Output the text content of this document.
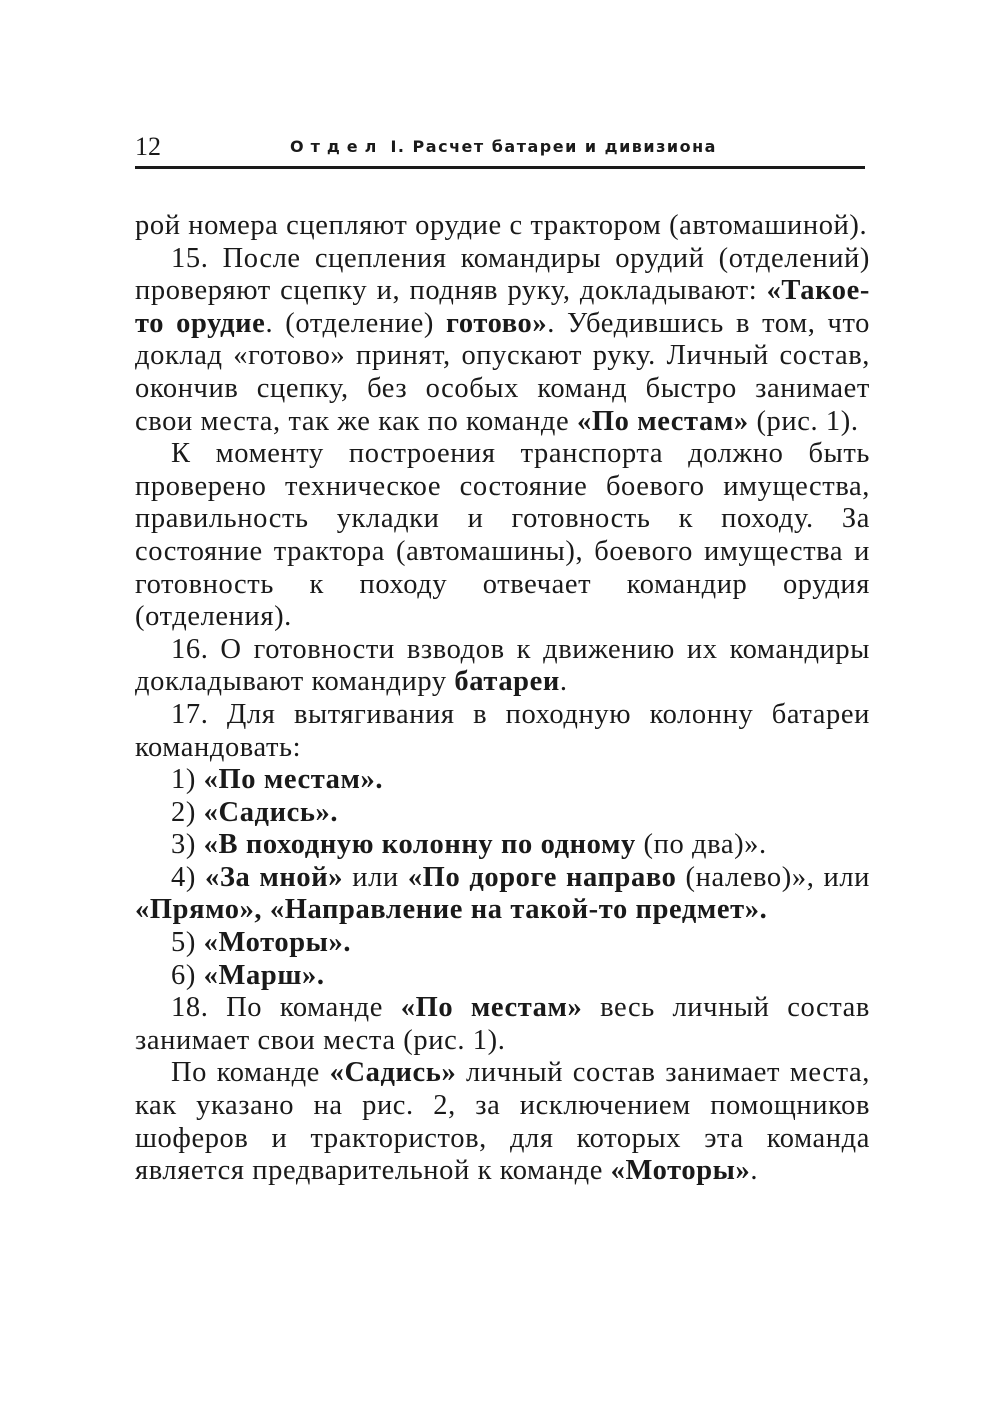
12	Отдел I. Расчет батареи и дивизиона

рой номера сцепляют орудие с трактором (автомашиной).

15. После сцепления командиры орудий (отделений) проверяют сцепку и, подняв руку, докладывают: «Такое-то орудие. (отделение) готово». Убедившись в том, что доклад «готово» принят, опускают руку. Личный состав, окончив сцепку, без особых команд быстро занимает свои места, так же как по команде «По местам» (рис. 1).

К моменту построения транспорта должно быть проверено техническое состояние боевого имущества, правильность укладки и готовность к походу. За состояние трактора (автомашины), боевого имущества и готовность к походу отвечает командир орудия (отделения).

16. О готовности взводов к движению их командиры докладывают командиру батареи.

17. Для вытягивания в походную колонну батареи командовать:

1) «По местам».

2) «Садись».

3) «В походную колонну по одному (по два)».

4) «За мной» или «По дороге направо (налево)», или «Прямо», «Направление на такой-то предмет».

5) «Моторы».

6) «Марш».

18. По команде «По местам» весь личный состав занимает свои места (рис. 1).

По команде «Садись» личный состав занимает места, как указано на рис. 2, за исключением помощников шоферов и трактористов, для которых эта команда является предварительной к команде «Моторы».
